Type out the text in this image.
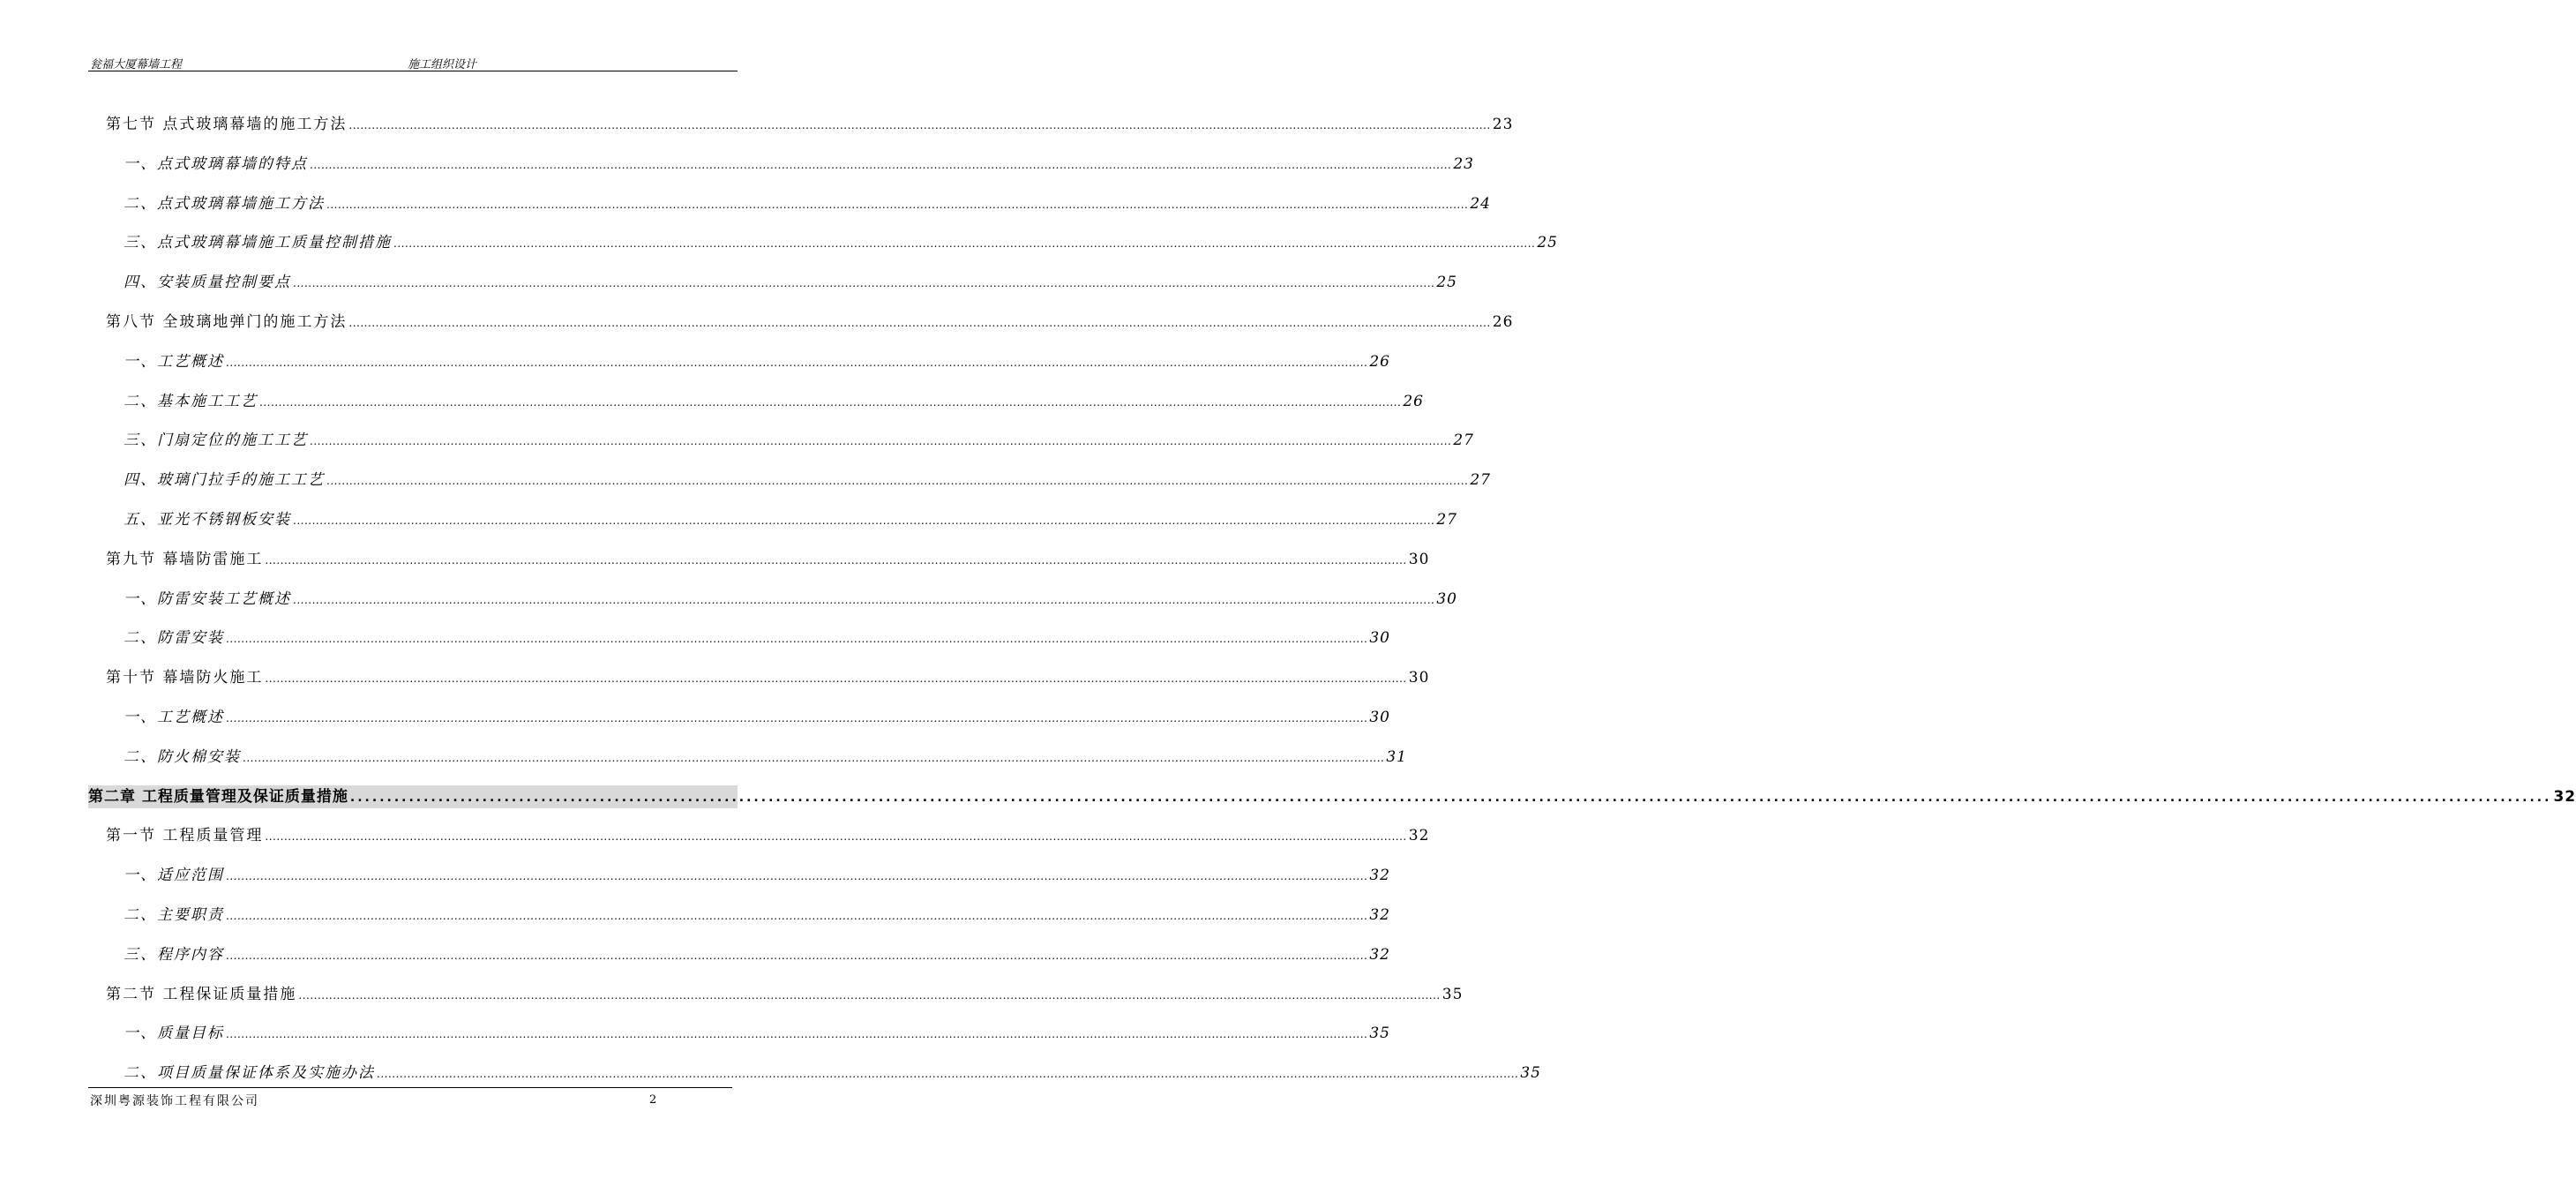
瓮福大厦幕墙工程	施工组织设计
第七节 点式玻璃幕墙的施工方法 ............................................................................................................................................................................................................................................................................................................ 23
一、点式玻璃幕墙的特点 ............................................................................................................................................................................................................................................................................................................ 23
二、点式玻璃幕墙施工方法 ............................................................................................................................................................................................................................................................................................................ 24
三、点式玻璃幕墙施工质量控制措施 ............................................................................................................................................................................................................................................................................................................ 25
四、安装质量控制要点 ............................................................................................................................................................................................................................................................................................................ 25
第八节 全玻璃地弹门的施工方法 ............................................................................................................................................................................................................................................................................................................ 26
一、工艺概述 ............................................................................................................................................................................................................................................................................................................ 26
二、基本施工工艺 ............................................................................................................................................................................................................................................................................................................ 26
三、门扇定位的施工工艺 ............................................................................................................................................................................................................................................................................................................ 27
四、玻璃门拉手的施工工艺 ............................................................................................................................................................................................................................................................................................................ 27
五、亚光不锈钢板安装 ............................................................................................................................................................................................................................................................................................................ 27
第九节 幕墙防雷施工 ............................................................................................................................................................................................................................................................................................................ 30
一、防雷安装工艺概述 ............................................................................................................................................................................................................................................................................................................ 30
二、防雷安装 ............................................................................................................................................................................................................................................................................................................ 30
第十节 幕墙防火施工 ............................................................................................................................................................................................................................................................................................................ 30
一、工艺概述 ............................................................................................................................................................................................................................................................................................................ 30
二、防火棉安装 ............................................................................................................................................................................................................................................................................................................ 31
第二章 工程质量管理及保证质量措施 ............................................................................................................................................................................................................................................................................................................ 32
第一节 工程质量管理 ............................................................................................................................................................................................................................................................................................................ 32
一、适应范围 ............................................................................................................................................................................................................................................................................................................ 32
二、主要职责 ............................................................................................................................................................................................................................................................................................................ 32
三、程序内容 ............................................................................................................................................................................................................................................................................................................ 32
第二节 工程保证质量措施 ............................................................................................................................................................................................................................................................................................................ 35
一、质量目标 ............................................................................................................................................................................................................................................................................................................ 35
二、项目质量保证体系及实施办法 ............................................................................................................................................................................................................................................................................................................ 35
深圳粤源装饰工程有限公司	2
